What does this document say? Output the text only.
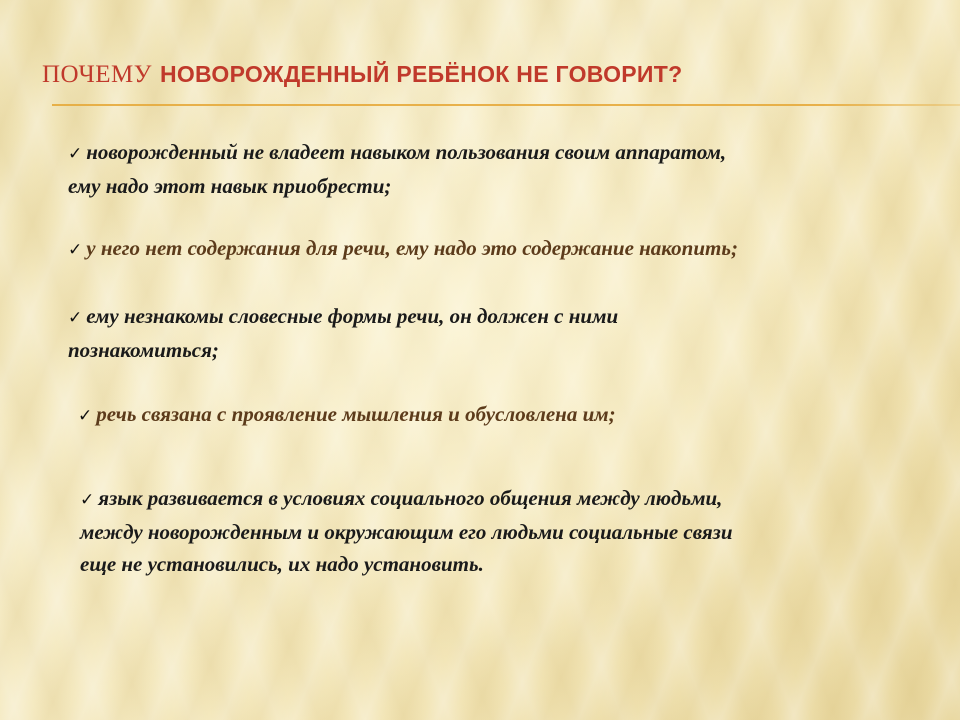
ПОЧЕМУ НОВОРОЖДЕННЫЙ РЕБЁНОК НЕ ГОВОРИТ?
✓ новорожденный не владеет навыком пользования своим аппаратом,
ему надо этот навык приобрести;
✓ у него нет содержания для речи, ему надо это содержание накопить;
✓ ему незнакомы словесные формы речи, он должен с ними
познакомиться;
✓ речь связана с проявление мышления и обусловлена им;
✓ язык развивается в условиях социального общения между людьми,
между новорожденным и окружающим его людьми социальные связи
еще не установились, их надо установить.
